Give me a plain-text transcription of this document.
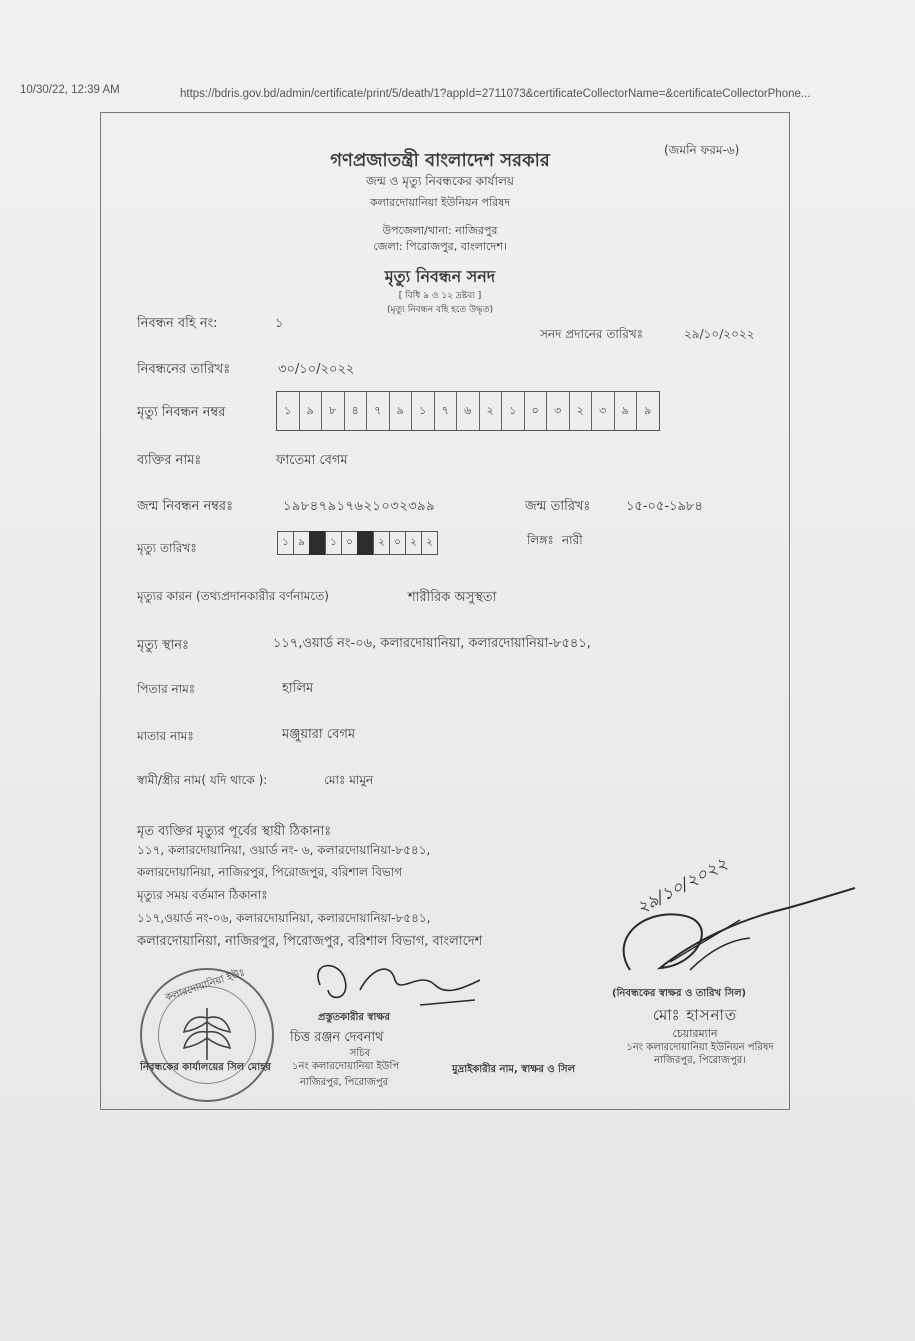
10/30/22, 12:39 AM	https://bdris.gov.bd/admin/certificate/print/5/death/1?appId=2711073&certificateCollectorName=&certificateCollectorPhone...
গণপ্রজাতন্ত্রী বাংলাদেশ সরকার	(জমনি ফরম-৬)
জন্ম ও মৃত্যু নিবন্ধকের কার্যালয়
কলারদোয়ানিয়া ইউনিয়ন পরিষদ
উপজেলা/থানা: নাজিরপুর
জেলা: পিরোজপুর, বাংলাদেশ।
মৃত্যু নিবন্ধন সনদ
[ বিধি ৯ ও ১২ দ্রষ্টব্য ]
(মৃত্যু নিবন্ধন বহি হতে উদ্ধৃত)
নিবন্ধন বহি নং:	১
সনদ প্রদানের তারিখঃ	২৯/১০/২০২২
নিবন্ধনের তারিখঃ	৩০/১০/২০২২
মৃত্যু নিবন্ধন নম্বর	১	৯	৮	৪	৭	৯	১	৭	৬	২	১	০	৩	২	৩	৯	৯
ব্যক্তির নামঃ	ফাতেমা বেগম
জন্ম নিবন্ধন নম্বরঃ	১৯৮৪৭৯১৭৬২১০৩২৩৯৯	জন্ম তারিখঃ	১৫-০৫-১৯৮৪
লিঙ্গঃ নারী
মৃত্যু তারিখঃ	১ ৯	১ ০	২ ০ ২ ২
মৃত্যুর কারন (তথ্যপ্রদানকারীর বর্ণনামতে)	শারীরিক অসুস্থতা
মৃত্যু স্থানঃ	১১৭,ওয়ার্ড নং-০৬, কলারদোয়ানিয়া, কলারদোয়ানিয়া-৮৫৪১,
পিতার নামঃ	হালিম
মাতার নামঃ	মঞ্জুয়ারা বেগম
স্বামী/স্ত্রীর নাম( যদি থাকে ):	মোঃ মামুন
মৃত ব্যক্তির মৃত্যুর পূর্বের স্থায়ী ঠিকানাঃ
১১৭, কলারদোয়ানিয়া, ওয়ার্ড নং- ৬, কলারদোয়ানিয়া-৮৫৪১,
কলারদোয়ানিয়া, নাজিরপুর, পিরোজপুর, বরিশাল বিভাগ
মৃত্যুর সময় বর্তমান ঠিকানাঃ
১১৭,ওয়ার্ড নং-০৬, কলারদোয়ানিয়া, কলারদোয়ানিয়া-৮৫৪১,
কলারদোয়ানিয়া, নাজিরপুর, পিরোজপুর, বরিশাল বিভাগ, বাংলাদেশ
২৯/১০/২০২২
(নিবন্ধকের স্বাক্ষর ও তারিখ সিল)
মোঃ হাসনাত
চেয়ারম্যান
১নং কলারদোয়ানিয়া ইউনিয়ন পরিষদ
নাজিরপুর, পিরোজপুর।
কলারদোয়ানিয়া ইউঃ
নিবন্ধকের কার্যালয়ের সিল মোহর
প্রস্তুতকারীর স্বাক্ষর
চিত্ত রঞ্জন দেবনাথ
সচিব
১নং কলারদোয়ানিয়া ইউপি
নাজিরপুর, পিরোজপুর
মুদ্রাইকারীর নাম, স্বাক্ষর ও সিল
